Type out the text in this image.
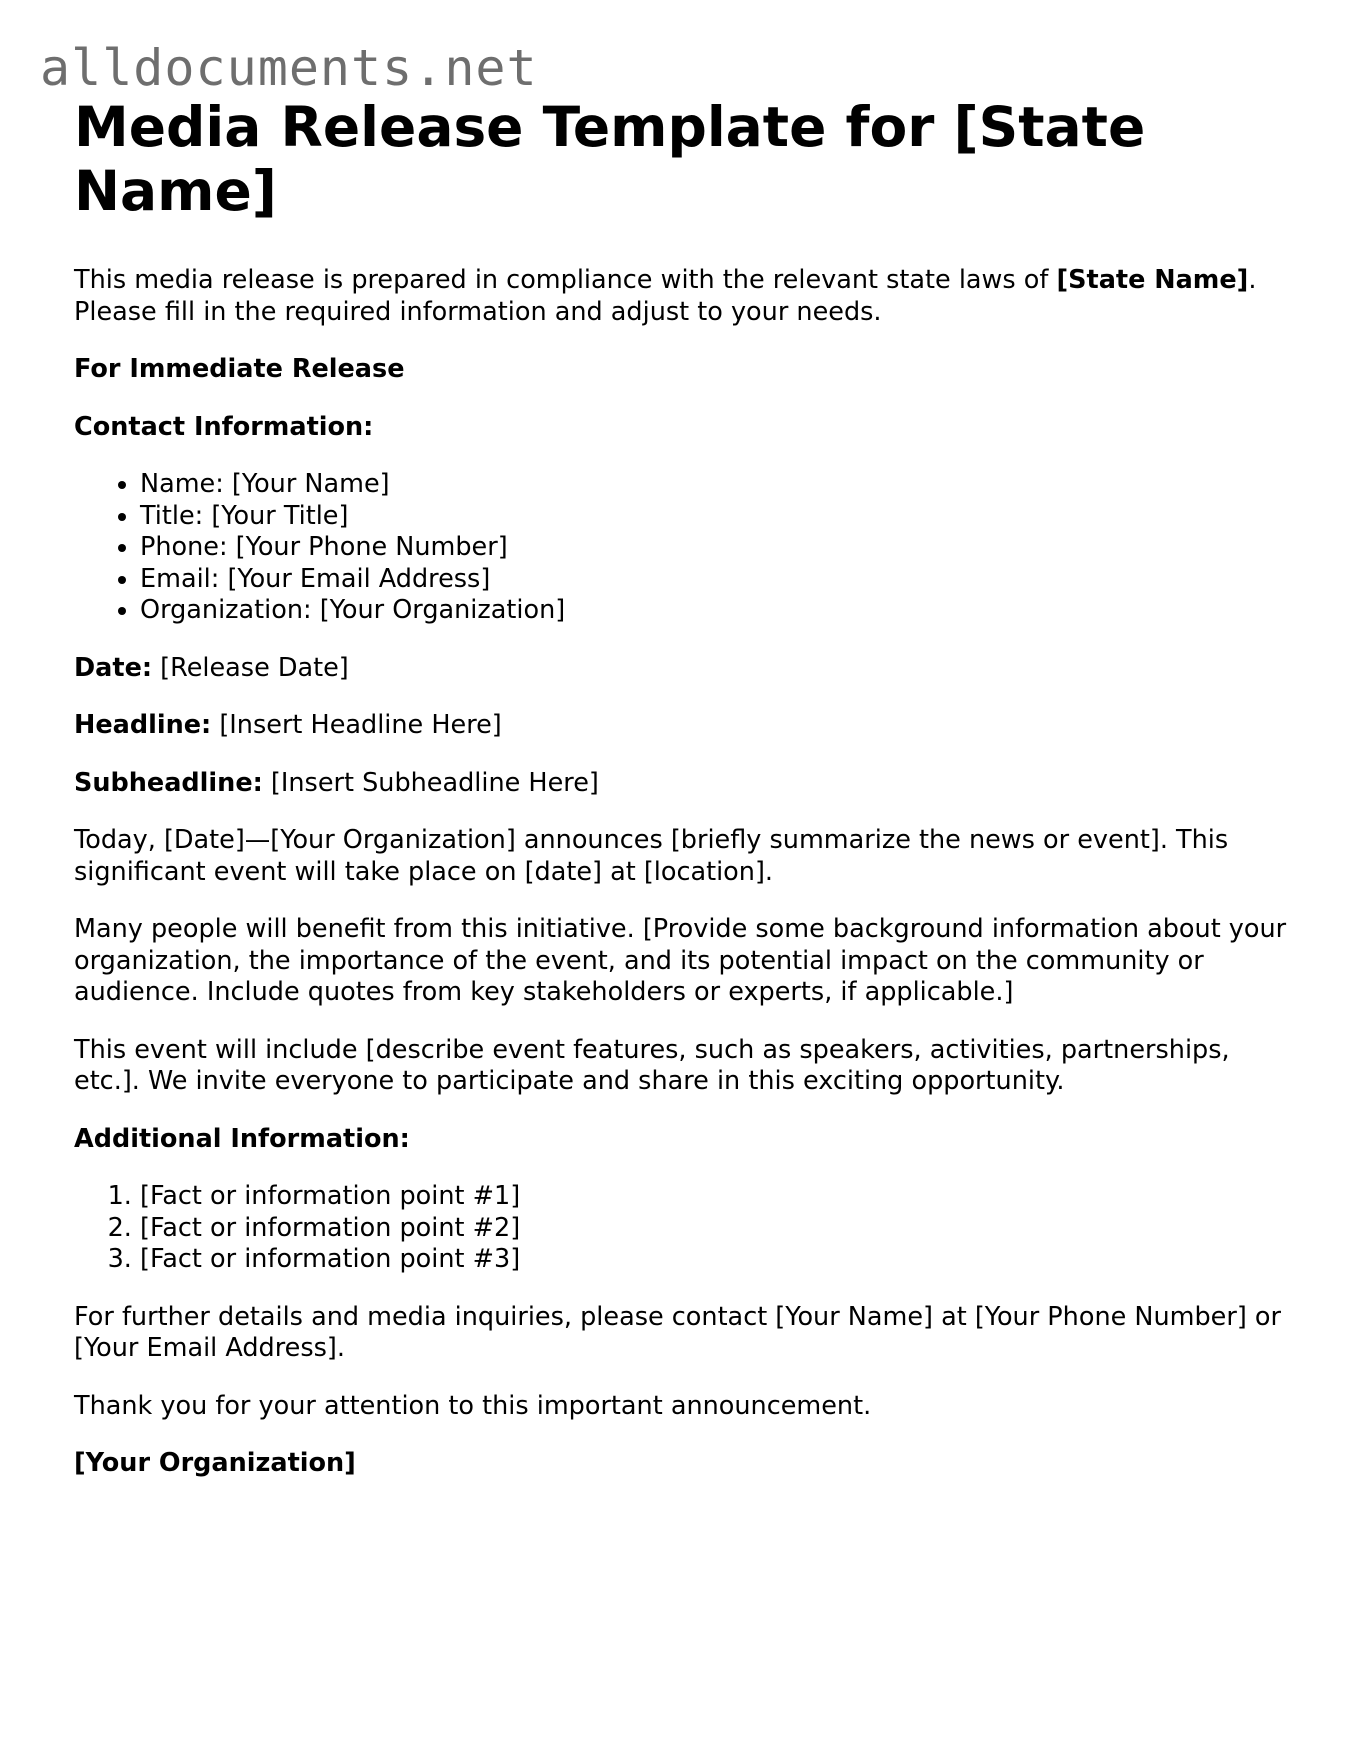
alldocuments.net
Media Release Template for [State Name]

This media release is prepared in compliance with the relevant state laws of [State Name]. Please fill in the required information and adjust to your needs.

For Immediate Release

Contact Information:

• Name: [Your Name]
• Title: [Your Title]
• Phone: [Your Phone Number]
• Email: [Your Email Address]
• Organization: [Your Organization]

Date: [Release Date]

Headline: [Insert Headline Here]

Subheadline: [Insert Subheadline Here]

Today, [Date]—[Your Organization] announces [briefly summarize the news or event]. This significant event will take place on [date] at [location].

Many people will benefit from this initiative. [Provide some background information about your organization, the importance of the event, and its potential impact on the community or audience. Include quotes from key stakeholders or experts, if applicable.]

This event will include [describe event features, such as speakers, activities, partnerships, etc.]. We invite everyone to participate and share in this exciting opportunity.

Additional Information:

1. [Fact or information point #1]
2. [Fact or information point #2]
3. [Fact or information point #3]

For further details and media inquiries, please contact [Your Name] at [Your Phone Number] or [Your Email Address].

Thank you for your attention to this important announcement.

[Your Organization]
